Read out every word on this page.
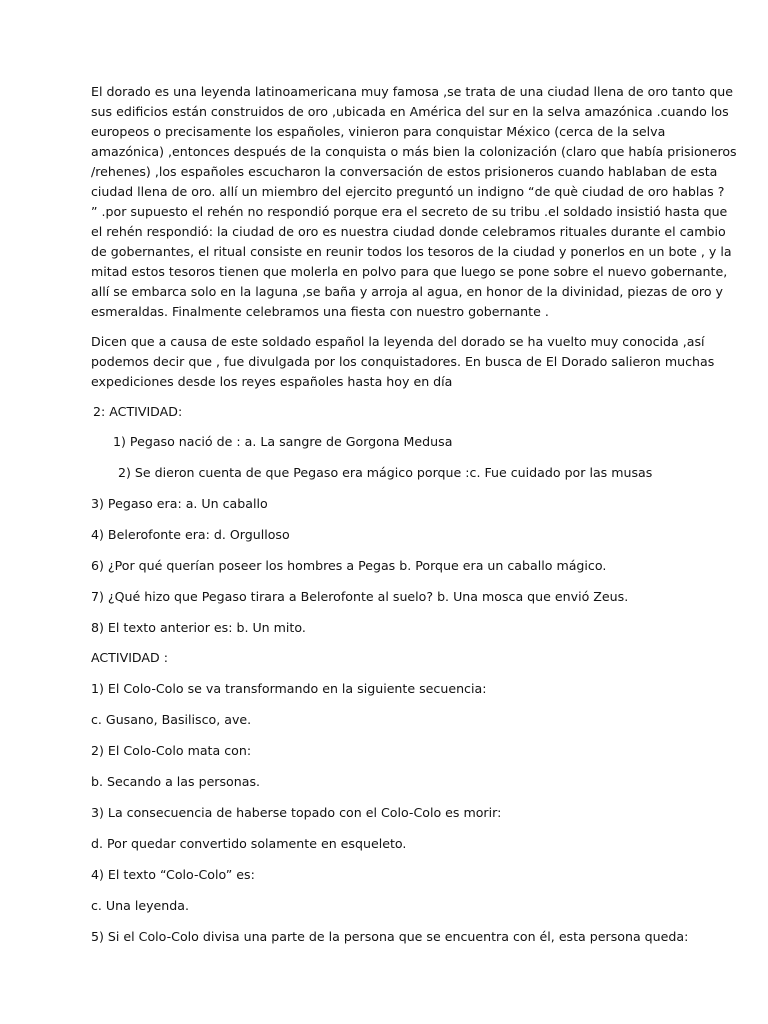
El dorado es una leyenda latinoamericana muy famosa ,se trata de una ciudad llena de oro tanto que

sus edificios están construidos de oro ,ubicada en América del sur en la selva amazónica .cuando los

europeos o precisamente los españoles, vinieron para conquistar México (cerca de la selva

amazónica) ,entonces después de la conquista o más bien la colonización (claro que había prisioneros

/rehenes) ,los españoles escucharon la conversación de estos prisioneros cuando hablaban de esta

ciudad llena de oro. allí un miembro del ejercito preguntó un indigno “de què ciudad de oro hablas ?

” .por supuesto el rehén no respondió porque era el secreto de su tribu .el soldado insistió hasta que

el rehén respondió: la ciudad de oro es nuestra ciudad donde celebramos rituales durante el cambio

de gobernantes, el ritual consiste en reunir todos los tesoros de la ciudad y ponerlos en un bote , y la

mitad estos tesoros tienen que molerla en polvo para que luego se pone sobre el nuevo gobernante,

allí se embarca solo en la laguna ,se baña y arroja al agua, en honor de la divinidad, piezas de oro y

esmeraldas. Finalmente celebramos una fiesta con nuestro gobernante .

Dicen que a causa de este soldado español la leyenda del dorado se ha vuelto muy conocida ,así

podemos decir que , fue divulgada por los conquistadores. En busca de El Dorado salieron muchas

expediciones desde los reyes españoles hasta hoy en día

2: ACTIVIDAD:

1) Pegaso nació de : a. La sangre de Gorgona Medusa

2) Se dieron cuenta de que Pegaso era mágico porque :c. Fue cuidado por las musas

3) Pegaso era: a. Un caballo

4) Belerofonte era: d. Orgulloso

6) ¿Por qué querían poseer los hombres a Pegas b. Porque era un caballo mágico.

7) ¿Qué hizo que Pegaso tirara a Belerofonte al suelo? b. Una mosca que envió Zeus.

8) El texto anterior es: b. Un mito.

ACTIVIDAD :

1) El Colo-Colo se va transformando en la siguiente secuencia:

c. Gusano, Basilisco, ave.

2) El Colo-Colo mata con:

b. Secando a las personas.

3) La consecuencia de haberse topado con el Colo-Colo es morir:

d. Por quedar convertido solamente en esqueleto.

4) El texto “Colo-Colo” es:

c. Una leyenda.

5) Si el Colo-Colo divisa una parte de la persona que se encuentra con él, esta persona queda:
